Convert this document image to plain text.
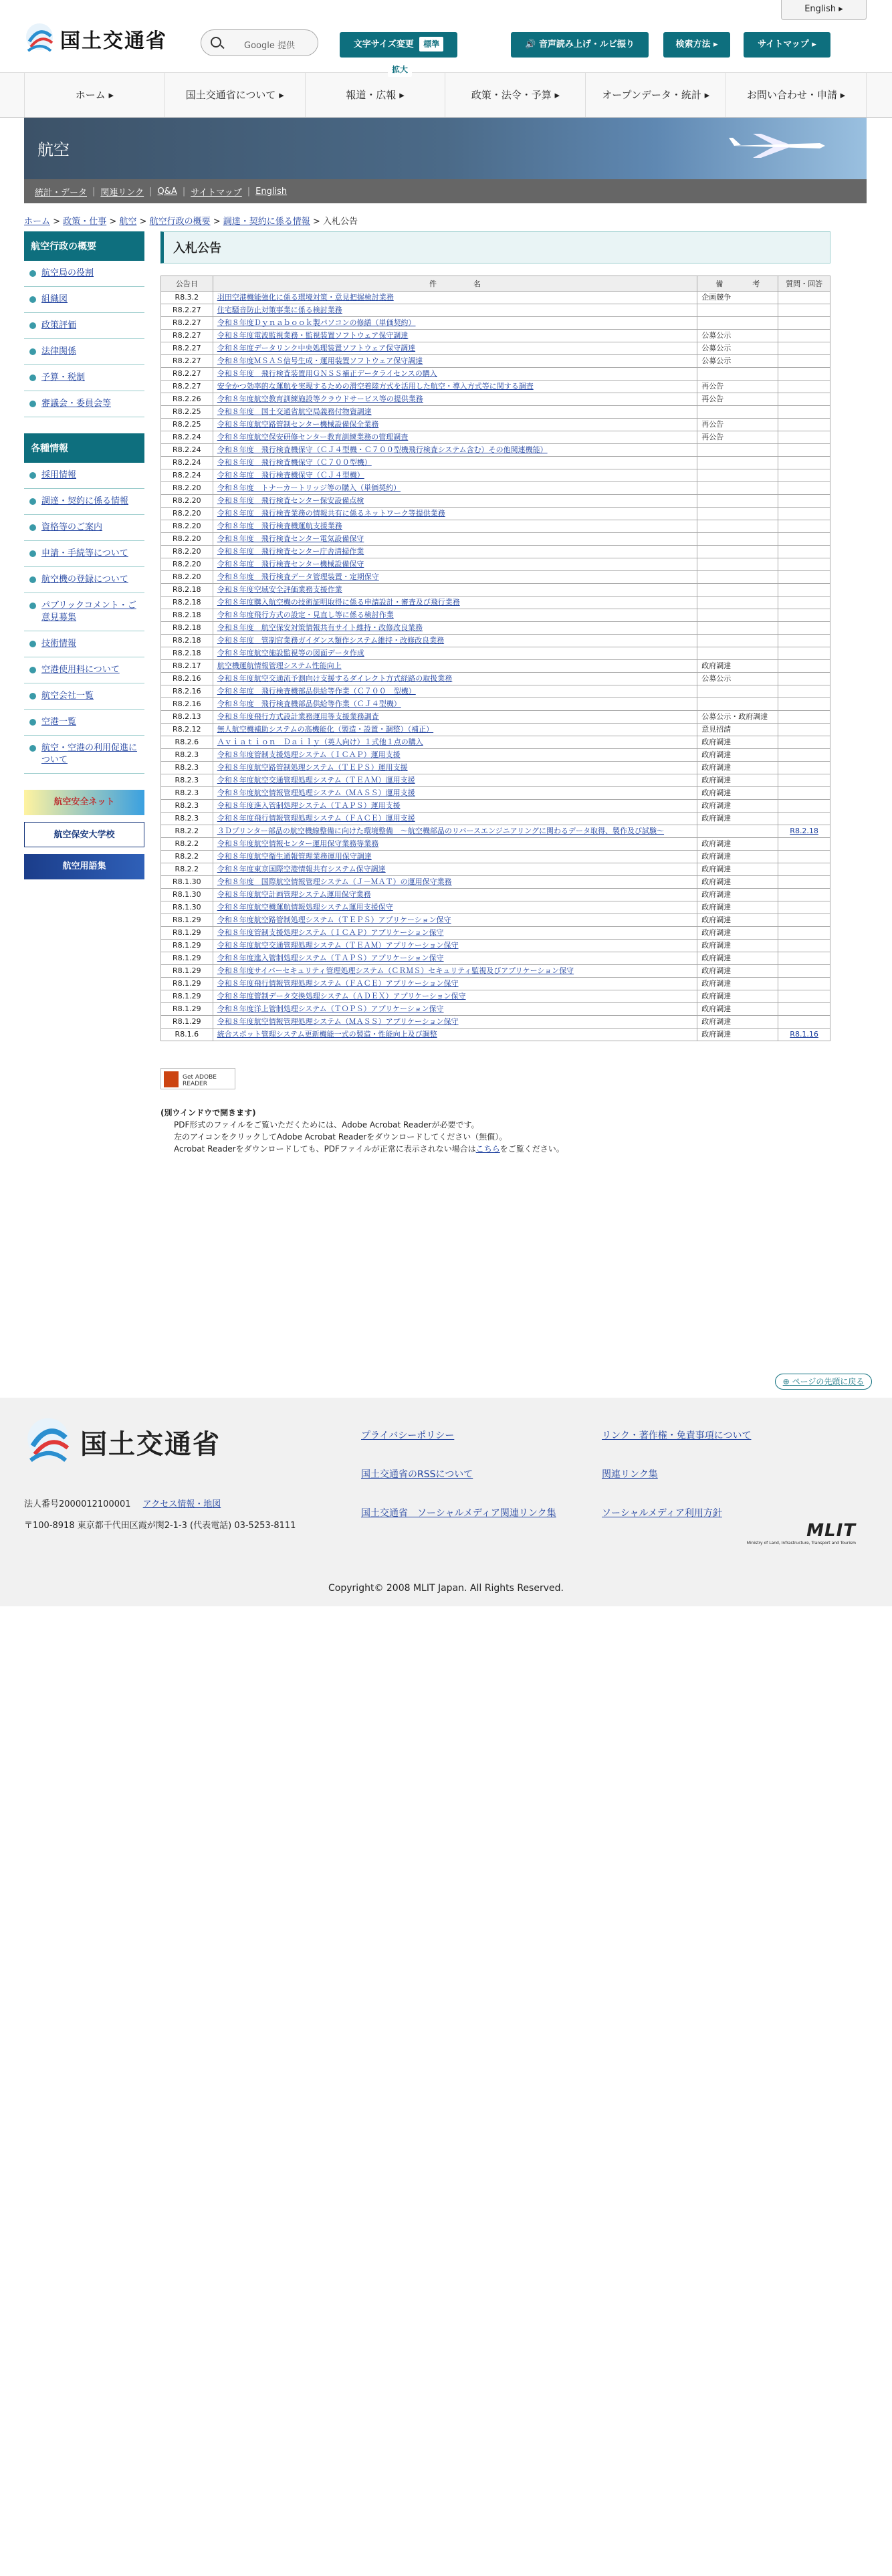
English ▸
国土交通省	Google 提供	文字サイズ変更 標準 拡大
🔊 音声読み上げ・ルビ振り	検索方法 ▸	サイトマップ ▸
ホーム ▸	国土交通省について ▸	報道・広報 ▸	政策・法令・予算 ▸	オープンデータ・統計 ▸	お問い合わせ・申請 ▸
航空
統計・データ | 関連リンク | Q&A | サイトマップ | English
ホーム > 政策・仕事 > 航空 > 航空行政の概要 > 調達・契約に係る情報 > 入札公告
航空行政の概要
航空局の役割
組織図
政策評価
法律関係
予算・税制
審議会・委員会等
各種情報
採用情報
調達・契約に係る情報
資格等のご案内
申請・手続等について
航空機の登録について
パブリックコメント・ご意見募集
技術情報
空港使用料について
航空会社一覧
空港一覧
航空・空港の利用促進について
航空安全ネット
航空保安大学校
航空用語集
入札公告
公告日	件　　　　　名	備　　　　考	質問・回答
R8.3.2	羽田空港機能強化に係る環境対策・意見把握検討業務	企画競争	
R8.2.27	住宅騒音防止対策事業に係る検討業務		
R8.2.27	令和８年度Ｄｙｎａｂｏｏｋ製パソコンの修繕（単価契約）		
R8.2.27	令和８年度電波監視業務・監視装置ソフトウェア保守調達	公募公示	
R8.2.27	令和８年度データリンク中央処理装置ソフトウェア保守調達	公募公示	
R8.2.27	令和８年度ＭＳＡＳ信号生成・運用装置ソフトウェア保守調達	公募公示	
R8.2.27	令和８年度　飛行検査装置用ＧＮＳＳ補正データライセンスの購入		
R8.2.27	安全かつ効率的な運航を実現するための滑空着陸方式を活用した航空・導入方式等に関する調査	再公告	
R8.2.26	令和８年度航空教育訓練施設等クラウドサービス等の提供業務	再公告	
R8.2.25	令和８年度　国土交通省航空局義務付物資調達		
R8.2.25	令和８年度航空路管制センター機械設備保全業務	再公告	
R8.2.24	令和８年度航空保安研修センター教育訓練業務の管理調査	再公告	
R8.2.24	令和８年度　飛行検査機保守（ＣＪ４型機・Ｃ７００型機飛行検査システム含む）その他関連機能）		
R8.2.24	令和８年度　飛行検査機保守（Ｃ７００型機）		
R8.2.24	令和８年度　飛行検査機保守（ＣＪ４型機）		
R8.2.20	令和８年度　トナーカートリッジ等の購入（単価契約）		
R8.2.20	令和８年度　飛行検査センター保安設備点検		
R8.2.20	令和８年度　飛行検査業務の情報共有に係るネットワーク等提供業務		
R8.2.20	令和８年度　飛行検査機運航支援業務		
R8.2.20	令和８年度　飛行検査センター電気設備保守		
R8.2.20	令和８年度　飛行検査センター庁舎清掃作業		
R8.2.20	令和８年度　飛行検査センター機械設備保守		
R8.2.20	令和８年度　飛行検査データ管理装置・定期保守		
R8.2.18	令和８年度空域安全評価業務支援作業		
R8.2.18	令和８年度購入航空機の技術証明取得に係る申請設計・審査及び飛行業務		
R8.2.18	令和８年度飛行方式の設定・見直し等に係る検討作業		
R8.2.18	令和８年度　航空保安対策情報共有サイト維持・改修改良業務		
R8.2.18	令和８年度　管制官業務ガイダンス類作システム維持・改修改良業務		
R8.2.18	令和８年度航空施設監視等の図面データ作成		
R8.2.17	航空機運航情報管理システム性能向上	政府調達	
R8.2.16	令和８年度航空交通流予測向け支援するダイレクト方式経路の取扱業務	公募公示	
R8.2.16	令和８年度　飛行検査機部品供給等作業（Ｃ７００　型機）		
R8.2.16	令和８年度　飛行検査機部品供給等作業（ＣＪ４型機）		
R8.2.13	令和８年度飛行方式設計業務運用等支援業務調査	公募公示・政府調達	
R8.2.12	無人航空機補助システムの高機能化（製造・設置・調整）（補正）	意見招請	
R8.2.6	Ａｖｉａｔｉｏｎ　Ｄａｉｌｙ（英人向け）１式他１点の購入	政府調達	
R8.2.3	令和８年度管制支援処理システム（ＩＣＡＰ）運用支援	政府調達	
R8.2.3	令和８年度航空路管制処理システム（ＴＥＰＳ）運用支援	政府調達	
R8.2.3	令和８年度航空交通管理処理システム（ＴＥＡＭ）運用支援	政府調達	
R8.2.3	令和８年度航空情報管理処理システム（ＭＡＳＳ）運用支援	政府調達	
R8.2.3	令和８年度進入管制処理システム（ＴＡＰＳ）運用支援	政府調達	
R8.2.3	令和８年度飛行情報管理処理システム（ＦＡＣＥ）運用支援	政府調達	
R8.2.2	３Ｄプリンター部品の航空機線整備に向けた環境整備　～航空機部品のリバースエンジニアリングに関わるデータ取得、製作及び試験～		R8.2.18
R8.2.2	令和８年度航空情報センター運用保守業務等業務	政府調達	
R8.2.2	令和８年度航空衛生通報管理業務運用保守調達	政府調達	
R8.2.2	令和８年度東京国際空港情報共有システム保守調達	政府調達	
R8.1.30	令和８年度　国際航空情報管理システム（Ｊ－ＭＡＴ）の運用保守業務	政府調達	
R8.1.30	令和８年度航空計画管理システム運用保守業務	政府調達	
R8.1.30	令和８年度航空機運航情報処理システム運用支援保守	政府調達	
R8.1.29	令和８年度航空路管制処理システム（ＴＥＰＳ）アプリケーション保守	政府調達	
R8.1.29	令和８年度管制支援処理システム（ＩＣＡＰ）アプリケーション保守	政府調達	
R8.1.29	令和８年度航空交通管理処理システム（ＴＥＡＭ）アプリケーション保守	政府調達	
R8.1.29	令和８年度進入管制処理システム（ＴＡＰＳ）アプリケーション保守	政府調達	
R8.1.29	令和８年度サイバーセキュリティ管理処理システム（ＣＲＭＳ）セキュリティ監視及びアプリケーション保守	政府調達	
R8.1.29	令和８年度飛行情報管理処理システム（ＦＡＣＥ）アプリケーション保守	政府調達	
R8.1.29	令和８年度管制データ交換処理システム（ＡＤＥＸ）アプリケーション保守	政府調達	
R8.1.29	令和８年度洋上管制処理システム（ＴＯＰＳ）アプリケーション保守	政府調達	
R8.1.29	令和８年度航空情報管理処理システム（ＭＡＳＳ）アプリケーション保守	政府調達	
R8.1.6	統合スポット管理システム更新機能一式の製造・性能向上及び調整	政府調達	R8.1.16
Get ADOBE READER
(別ウインドウで開きます)
PDF形式のファイルをご覧いただくためには、Adobe Acrobat Readerが必要です。
左のアイコンをクリックしてAdobe Acrobat Readerをダウンロードしてください（無償）。
Acrobat Readerをダウンロードしても、PDFファイルが正常に表示されない場合はこちらをご覧ください。
⊕ ページの先頭に戻る
国土交通省
法人番号2000012100001 アクセス情報・地図
〒100-8918 東京都千代田区霞が関2-1-3 (代表電話) 03-5253-8111
プライバシーポリシー
国土交通省のRSSについて
国土交通省　ソーシャルメディア関連リンク集
リンク・著作権・免責事項について
関連リンク集
ソーシャルメディア利用方針
MLIT
Ministry of Land, Infrastructure, Transport and Tourism
Copyright© 2008 MLIT Japan. All Rights Reserved.
